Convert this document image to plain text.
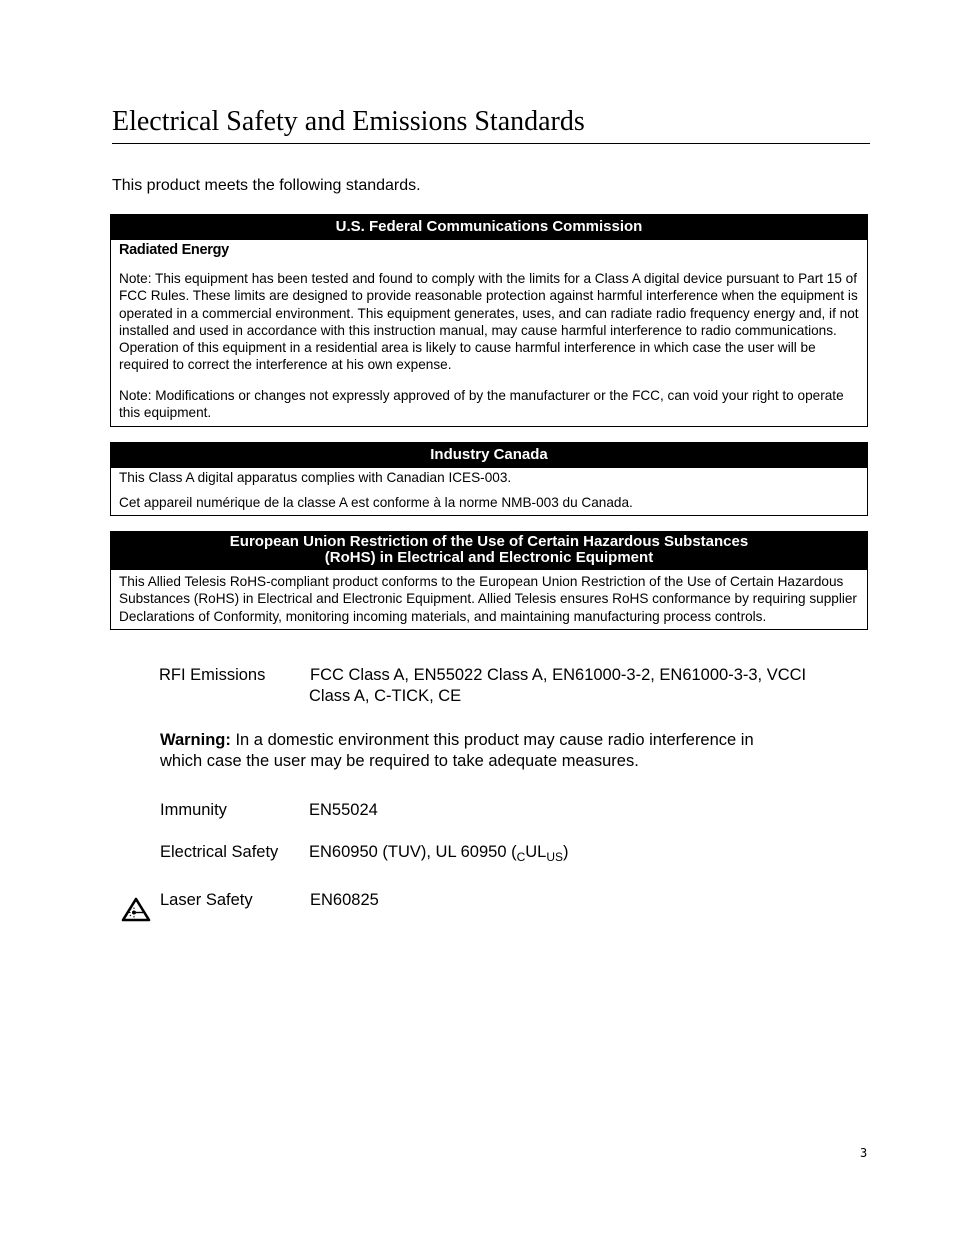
Electrical Safety and Emissions Standards
This product meets the following standards.
U.S. Federal Communications Commission

Radiated Energy

Note: This equipment has been tested and found to comply with the limits for a Class A digital device pursuant to Part 15 of FCC Rules. These limits are designed to provide reasonable protection against harmful interference when the equipment is operated in a commercial environment. This equipment generates, uses, and can radiate radio frequency energy and, if not installed and used in accordance with this instruction manual, may cause harmful interference to radio communications. Operation of this equipment in a residential area is likely to cause harmful interference in which case the user will be required to correct the interference at his own expense.

Note: Modifications or changes not expressly approved of by the manufacturer or the FCC, can void your right to operate this equipment.

Industry Canada

This Class A digital apparatus complies with Canadian ICES-003.

Cet appareil numérique de la classe A est conforme à la norme NMB-003 du Canada.

European Union Restriction of the Use of Certain Hazardous Substances
(RoHS) in Electrical and Electronic Equipment

This Allied Telesis RoHS-compliant product conforms to the European Union Restriction of the Use of Certain Hazardous Substances (RoHS) in Electrical and Electronic Equipment. Allied Telesis ensures RoHS conformance by requiring supplier Declarations of Conformity, monitoring incoming materials, and maintaining manufacturing process controls.

RFI Emissions	FCC Class A, EN55022 Class A, EN61000-3-2, EN61000-3-3, VCCI
Class A, C-TICK, CE
Warning: In a domestic environment this product may cause radio interference in which case the user may be required to take adequate measures.
Immunity	EN55024
Electrical Safety EN60950 (TUV), UL 60950 $(_CUL_{US})$
Laser Safety	EN60825
3
